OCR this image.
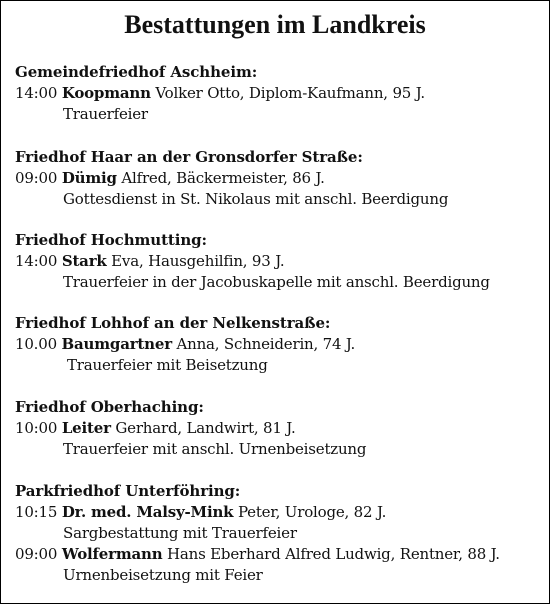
Bestattungen im Landkreis
Gemeindefriedhof Aschheim:
14:00 Koopmann Volker Otto, Diplom-Kaufmann, 95 J.
Trauerfeier
Friedhof Haar an der Gronsdorfer Straße:
09:00 Dümig Alfred, Bäckermeister, 86 J.
Gottesdienst in St. Nikolaus mit anschl. Beerdigung
Friedhof Hochmutting:
14:00 Stark Eva, Hausgehilfin, 93 J.
Trauerfeier in der Jacobuskapelle mit anschl. Beerdigung
Friedhof Lohhof an der Nelkenstraße:
10.00 Baumgartner Anna, Schneiderin, 74 J.
Trauerfeier mit Beisetzung
Friedhof Oberhaching:
10:00 Leiter Gerhard, Landwirt, 81 J.
Trauerfeier mit anschl. Urnenbeisetzung
Parkfriedhof Unterföhring:
10:15 Dr. med. Malsy-Mink Peter, Urologe, 82 J.
Sargbestattung mit Trauerfeier
09:00 Wolfermann Hans Eberhard Alfred Ludwig, Rentner, 88 J.
Urnenbeisetzung mit Feier
